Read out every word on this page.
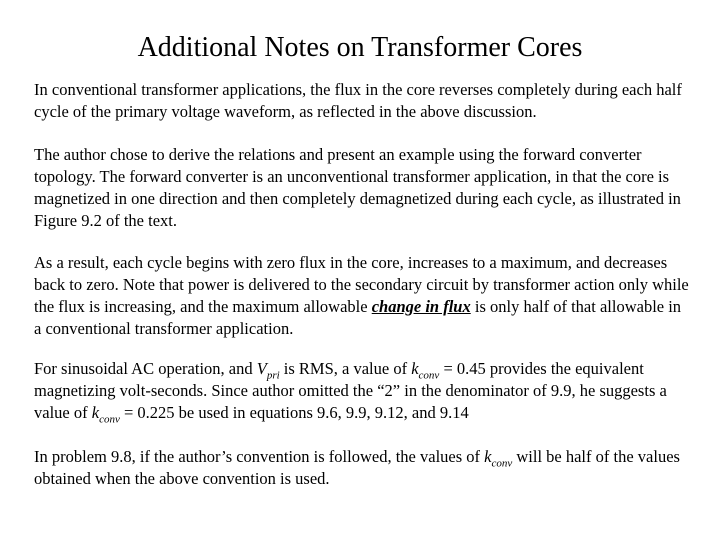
Additional Notes on Transformer Cores

In conventional transformer applications, the flux in the core reverses completely during each half cycle of the primary voltage waveform, as reflected in the above discussion.

The author chose to derive the relations and present an example using the forward converter topology. The forward converter is an unconventional transformer application, in that the core is magnetized in one direction and then completely demagnetized during each cycle, as illustrated in Figure 9.2 of the text.

As a result, each cycle begins with zero flux in the core, increases to a maximum, and decreases back to zero. Note that power is delivered to the secondary circuit by transformer action only while the flux is increasing, and the maximum allowable change in flux is only half of that allowable in a conventional transformer application.

For sinusoidal AC operation, and $V_{pri}$ is RMS, a value of $k_{conv} = 0.45$ provides the equivalent magnetizing volt-seconds. Since author omitted the “2” in the denominator of 9.9, he suggests a value of $k_{conv} = 0.225$ be used in equations 9.6, 9.9, 9.12, and 9.14

In problem 9.8, if the author’s convention is followed, the values of $k_{conv}$ will be half of the values obtained when the above convention is used.
